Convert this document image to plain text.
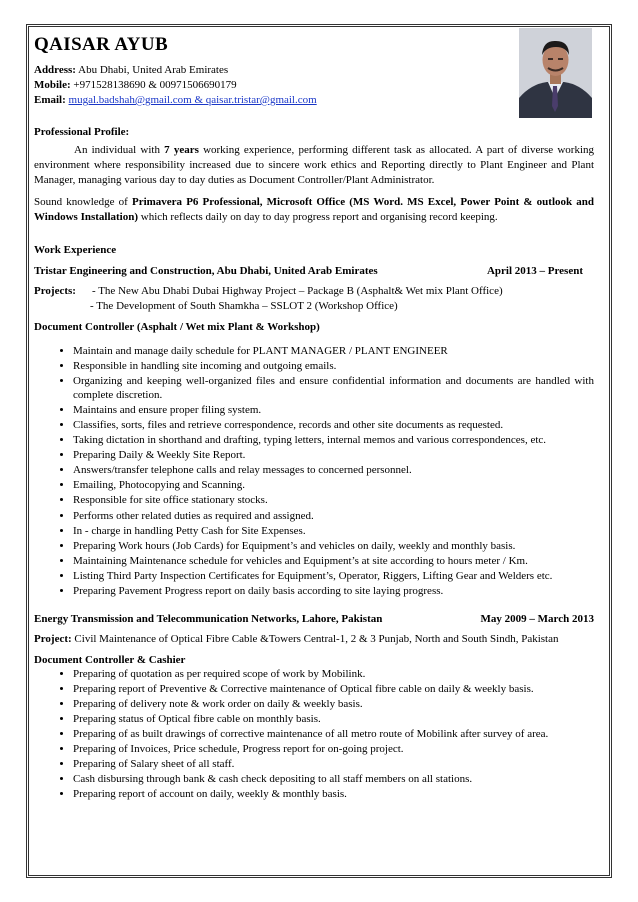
QAISAR AYUB

Address: Abu Dhabi, United Arab Emirates

Mobile: +971528138690 & 00971506690179

Email: mugal.badshah@gmail.com & qaisar.tristar@gmail.com

Professional Profile:

An individual with 7 years working experience, performing different task as allocated. A part of diverse working environment where responsibility increased due to sincere work ethics and Reporting directly to Plant Engineer and Plant Manager, managing various day to day duties as Document Controller/Plant Administrator.

Sound knowledge of Primavera P6 Professional, Microsoft Office (MS Word. MS Excel, Power Point & outlook and Windows Installation) which reflects daily on day to day progress report and organising record keeping.

Work Experience
Tristar Engineering and Construction, Abu Dhabi, United Arab Emirates	April 2013 – Present
Projects:	- The New Abu Dhabi Dubai Highway Project – Package B (Asphalt& Wet mix Plant Office)
- The Development of South Shamkha – SSLOT 2 (Workshop Office)
Document Controller (Asphalt / Wet mix Plant & Workshop)
• Maintain and manage daily schedule for PLANT MANAGER / PLANT ENGINEER
• Responsible in handling site incoming and outgoing emails.
• Organizing and keeping well-organized files and ensure confidential information and documents are handled with complete discretion.
• Maintains and ensure proper filing system.
• Classifies, sorts, files and retrieve correspondence, records and other site documents as requested.
• Taking dictation in shorthand and drafting, typing letters, internal memos and various correspondences, etc.
• Preparing Daily & Weekly Site Report.
• Answers/transfer telephone calls and relay messages to concerned personnel.
• Emailing, Photocopying and Scanning.
• Responsible for site office stationary stocks.
• Performs other related duties as required and assigned.
• In - charge in handling Petty Cash for Site Expenses.
• Preparing Work hours (Job Cards) for Equipment’s and vehicles on daily, weekly and monthly basis.
• Maintaining Maintenance schedule for vehicles and Equipment’s at site according to hours meter / Km.
• Listing Third Party Inspection Certificates for Equipment’s, Operator, Riggers, Lifting Gear and Welders etc.
• Preparing Pavement Progress report on daily basis according to site laying progress.
Energy Transmission and Telecommunication Networks, Lahore, Pakistan	May 2009 – March 2013

Project: Civil Maintenance of Optical Fibre Cable &Towers Central-1, 2 & 3 Punjab, North and South Sindh, Pakistan

Document Controller & Cashier
• Preparing of quotation as per required scope of work by Mobilink.
• Preparing report of Preventive & Corrective maintenance of Optical fibre cable on daily & weekly basis.
• Preparing of delivery note & work order on daily & weekly basis.
• Preparing status of Optical fibre cable on monthly basis.
• Preparing of as built drawings of corrective maintenance of all metro route of Mobilink after survey of area.
• Preparing of Invoices, Price schedule, Progress report for on-going project.
• Preparing of Salary sheet of all staff.
• Cash disbursing through bank & cash check depositing to all staff members on all stations.
• Preparing report of account on daily, weekly & monthly basis.
